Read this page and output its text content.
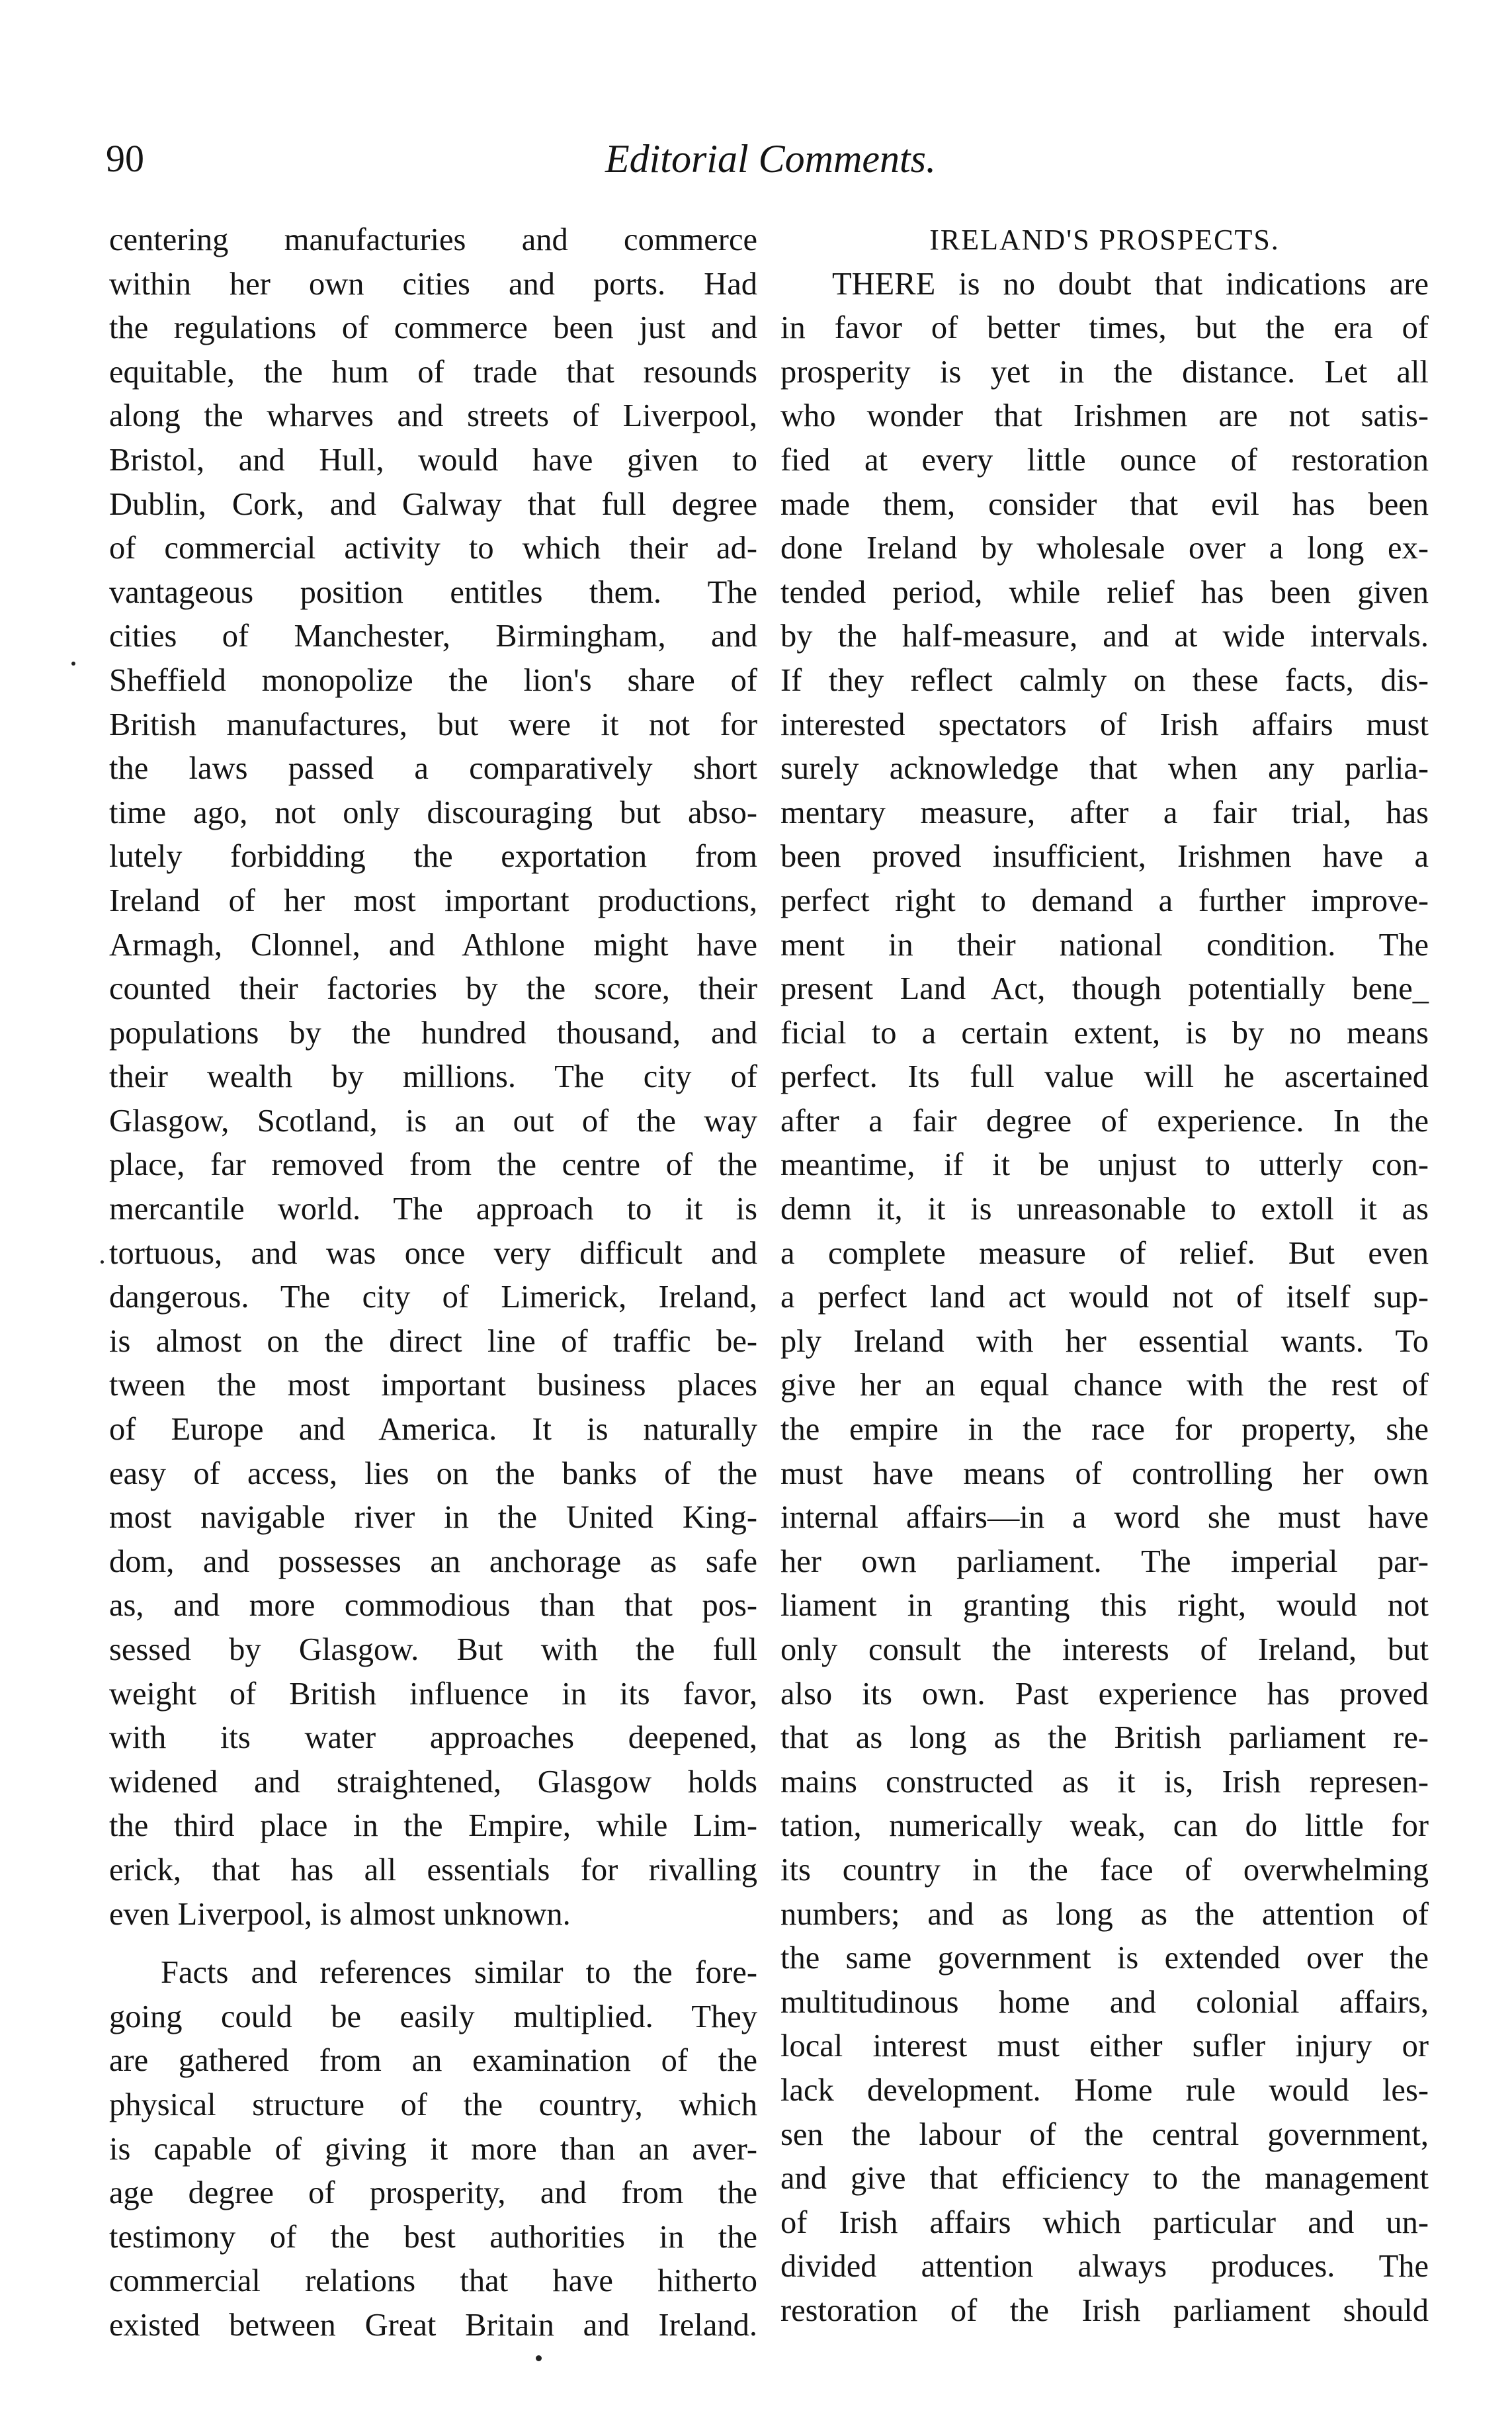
90	Editorial Comments.
centering manufacturies and commerce
within her own cities and ports. Had
the regulations of commerce been just and
equitable, the hum of trade that resounds
along the wharves and streets of Liverpool,
Bristol, and Hull, would have given to
Dublin, Cork, and Galway that full degree
of commercial activity to which their ad-
vantageous position entitles them. The
cities of Manchester, Birmingham, and
Sheffield monopolize the lion's share of
British manufactures, but were it not for
the laws passed a comparatively short
time ago, not only discouraging but abso-
lutely forbidding the exportation from
Ireland of her most important productions,
Armagh, Clonnel, and Athlone might have
counted their factories by the score, their
populations by the hundred thousand, and
their wealth by millions. The city of
Glasgow, Scotland, is an out of the way
place, far removed from the centre of the
mercantile world. The approach to it is
tortuous, and was once very difficult and
dangerous. The city of Limerick, Ireland,
is almost on the direct line of traffic be-
tween the most important business places
of Europe and America. It is naturally
easy of access, lies on the banks of the
most navigable river in the United King-
dom, and possesses an anchorage as safe
as, and more commodious than that pos-
sessed by Glasgow. But with the full
weight of British influence in its favor,
with its water approaches deepened,
widened and straightened, Glasgow holds
the third place in the Empire, while Lim-
erick, that has all essentials for rivalling
even Liverpool, is almost unknown.
Facts and references similar to the fore-
going could be easily multiplied. They
are gathered from an examination of the
physical structure of the country, which
is capable of giving it more than an aver-
age degree of prosperity, and from the
testimony of the best authorities in the
commercial relations that have hitherto
existed between Great Britain and Ireland.
IRELAND'S PROSPECTS.
THERE is no doubt that indications are
in favor of better times, but the era of
prosperity is yet in the distance. Let all
who wonder that Irishmen are not satis-
fied at every little ounce of restoration
made them, consider that evil has been
done Ireland by wholesale over a long ex-
tended period, while relief has been given
by the half-measure, and at wide intervals.
If they reflect calmly on these facts, dis-
interested spectators of Irish affairs must
surely acknowledge that when any parlia-
mentary measure, after a fair trial, has
been proved insufficient, Irishmen have a
perfect right to demand a further improve-
ment in their national condition. The
present Land Act, though potentially bene_
ficial to a certain extent, is by no means
perfect. Its full value will he ascertained
after a fair degree of experience. In the
meantime, if it be unjust to utterly con-
demn it, it is unreasonable to extoll it as
a complete measure of relief. But even
a perfect land act would not of itself sup-
ply Ireland with her essential wants. To
give her an equal chance with the rest of
the empire in the race for property, she
must have means of controlling her own
internal affairs—in a word she must have
her own parliament. The imperial par-
liament in granting this right, would not
only consult the interests of Ireland, but
also its own. Past experience has proved
that as long as the British parliament re-
mains constructed as it is, Irish represen-
tation, numerically weak, can do little for
its country in the face of overwhelming
numbers; and as long as the attention of
the same government is extended over the
multitudinous home and colonial affairs,
local interest must either sufler injury or
lack development. Home rule would les-
sen the labour of the central government,
and give that efficiency to the management
of Irish affairs which particular and un-
divided attention always produces. The
restoration of the Irish parliament should
